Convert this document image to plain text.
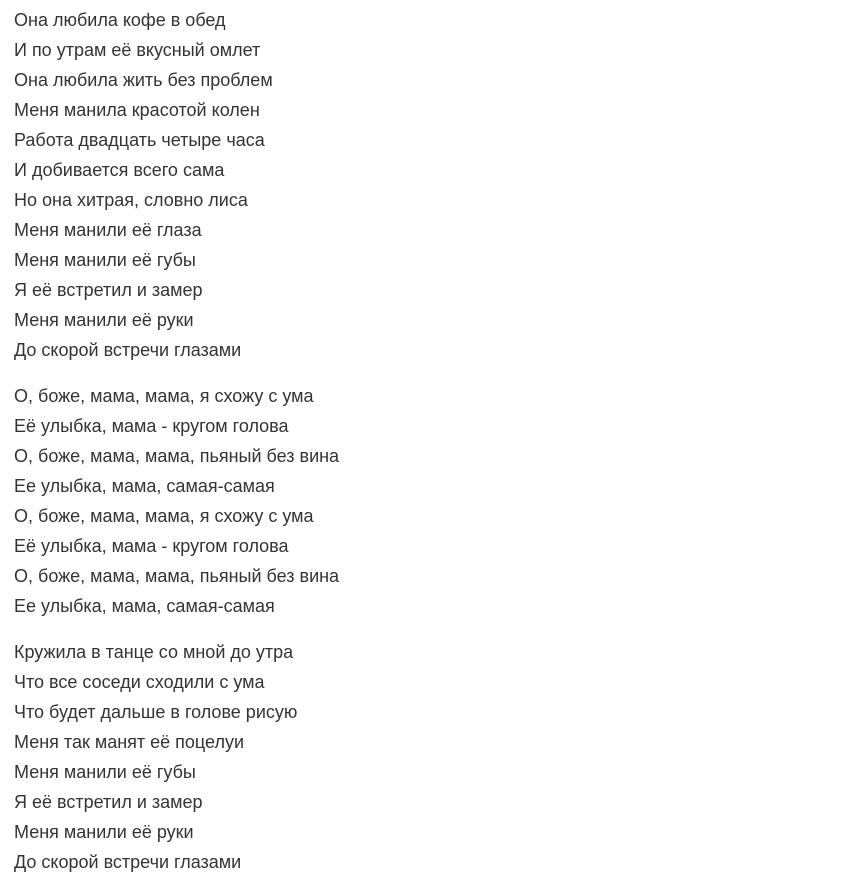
Она любила кофе в обед
И по утрам её вкусный омлет
Она любила жить без проблем
Меня манила красотой колен
Работа двадцать четыре часа
И добивается всего сама
Но она хитрая, словно лиса
Меня манили её глаза
Меня манили её губы
Я её встретил и замер
Меня манили её руки
До скорой встречи глазами
О, боже, мама, мама, я схожу с ума
Её улыбка, мама - кругом голова
О, боже, мама, мама, пьяный без вина
Ее улыбка, мама, самая-самая
О, боже, мама, мама, я схожу с ума
Её улыбка, мама - кругом голова
О, боже, мама, мама, пьяный без вина
Ее улыбка, мама, самая-самая
Кружила в танце со мной до утра
Что все соседи сходили с ума
Что будет дальше в голове рисую
Меня так манят её поцелуи
Меня манили её губы
Я её встретил и замер
Меня манили её руки
До скорой встречи глазами
